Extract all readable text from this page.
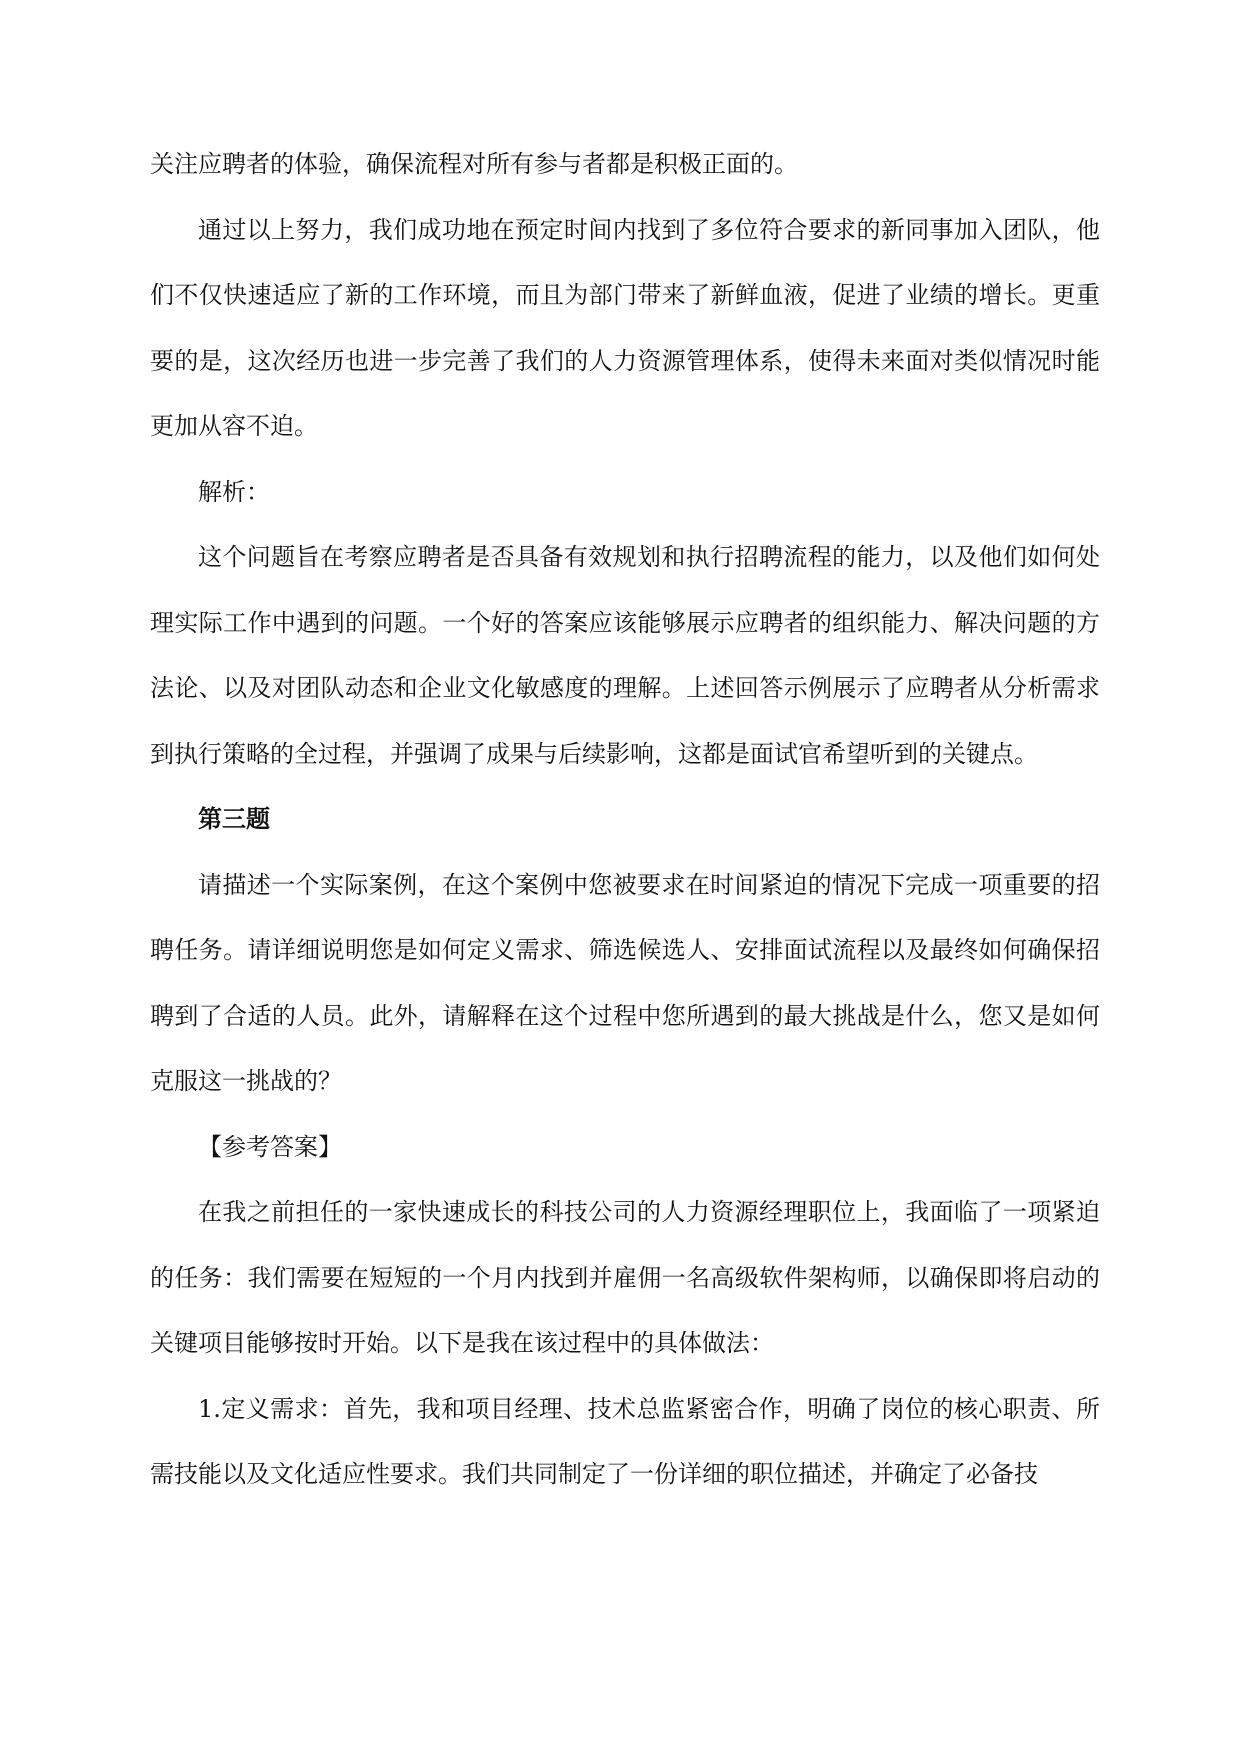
关注应聘者的体验，确保流程对所有参与者都是积极正面的。

通过以上努力，我们成功地在预定时间内找到了多位符合要求的新同事加入团队，他们不仅快速适应了新的工作环境，而且为部门带来了新鲜血液，促进了业绩的增长。更重要的是，这次经历也进一步完善了我们的人力资源管理体系，使得未来面对类似情况时能更加从容不迫。

解析：

这个问题旨在考察应聘者是否具备有效规划和执行招聘流程的能力，以及他们如何处理实际工作中遇到的问题。一个好的答案应该能够展示应聘者的组织能力、解决问题的方法论、以及对团队动态和企业文化敏感度的理解。上述回答示例展示了应聘者从分析需求到执行策略的全过程，并强调了成果与后续影响，这都是面试官希望听到的关键点。

第三题

请描述一个实际案例，在这个案例中您被要求在时间紧迫的情况下完成一项重要的招聘任务。请详细说明您是如何定义需求、筛选候选人、安排面试流程以及最终如何确保招聘到了合适的人员。此外，请解释在这个过程中您所遇到的最大挑战是什么，您又是如何克服这一挑战的？

【参考答案】

在我之前担任的一家快速成长的科技公司的人力资源经理职位上，我面临了一项紧迫的任务：我们需要在短短的一个月内找到并雇佣一名高级软件架构师，以确保即将启动的关键项目能够按时开始。以下是我在该过程中的具体做法：

1.定义需求：首先，我和项目经理、技术总监紧密合作，明确了岗位的核心职责、所需技能以及文化适应性要求。我们共同制定了一份详细的职位描述，并确定了必备技
